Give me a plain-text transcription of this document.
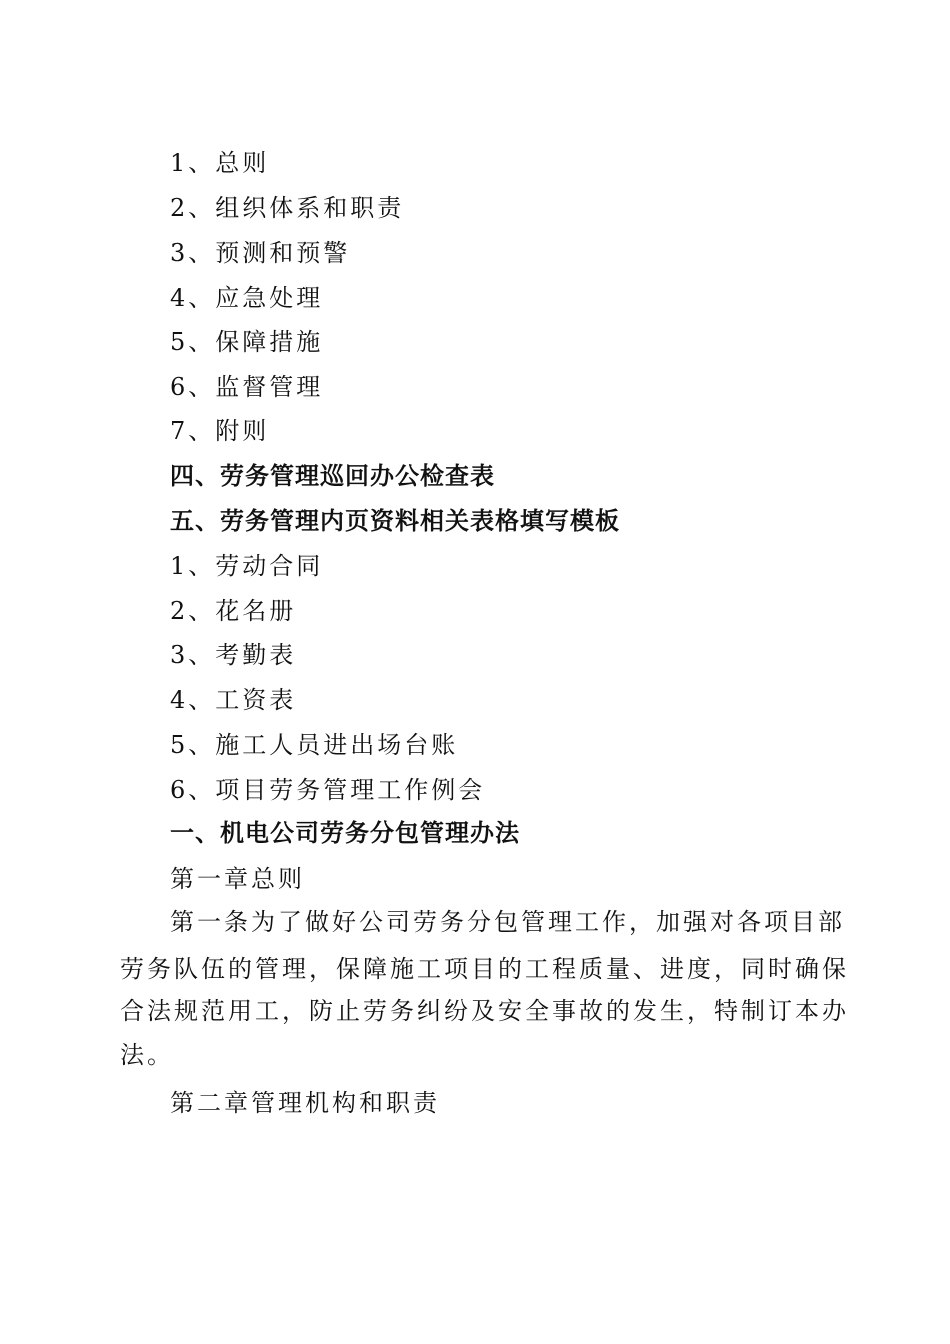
1、总则
2、组织体系和职责
3、预测和预警
4、应急处理
5、保障措施
6、监督管理
7、附则
四、劳务管理巡回办公检查表
五、劳务管理内页资料相关表格填写模板
1、劳动合同
2、花名册
3、考勤表
4、工资表
5、施工人员进出场台账
6、项目劳务管理工作例会
一、机电公司劳务分包管理办法
第一章总则
第一条为了做好公司劳务分包管理工作，加强对各项目部
劳务队伍的管理，保障施工项目的工程质量、进度，同时确保
合法规范用工，防止劳务纠纷及安全事故的发生，特制订本办
法。
第二章管理机构和职责
